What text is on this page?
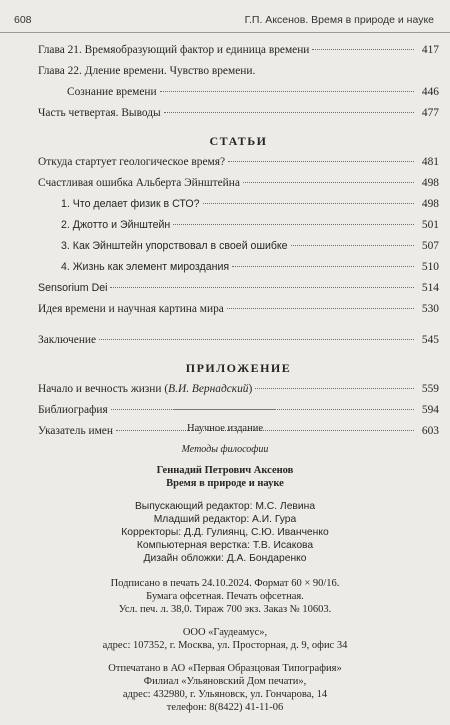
608	Г.П. Аксенов. Время в природе и науке
Глава 21. Времяобразующий фактор и единица времени	417
Глава 22. Дление времени. Чувство времени.
Сознание времени	446
Часть четвертая. Выводы	477
СТАТЬИ
Откуда стартует геологическое время?	481
Счастливая ошибка Альберта Эйнштейна	498
1. Что делает физик в СТО?	498
2. Джотто и Эйнштейн	501
3. Как Эйнштейн упорствовал в своей ошибке	507
4. Жизнь как элемент мироздания	510
Sensorium Dei	514
Идея времени и научная картина мира	530
Заключение	545
ПРИЛОЖЕНИЕ
Начало и вечность жизни (В.И. Вернадский)	559
Библиография	594
Указатель имен	603
Научное издание
Методы философии
Геннадий Петрович Аксенов
Время в природе и науке
Выпускающий редактор: М.С. Левина
Младший редактор: А.И. Гура
Корректоры: Д.Д. Гулиянц, С.Ю. Иванченко
Компьютерная верстка: Т.В. Исакова
Дизайн обложки: Д.А. Бондаренко
Подписано в печать 24.10.2024. Формат 60 × 90/16.
Бумага офсетная. Печать офсетная.
Усл. печ. л. 38,0. Тираж 700 экз. Заказ № 10603.
ООО «Гаудеамус»,
адрес: 107352, г. Москва, ул. Просторная, д. 9, офис 34
Отпечатано в АО «Первая Образцовая Типография»
Филиал «Ульяновский Дом печати»,
адрес: 432980, г. Ульяновск, ул. Гончарова, 14
телефон: 8(8422) 41-11-06
